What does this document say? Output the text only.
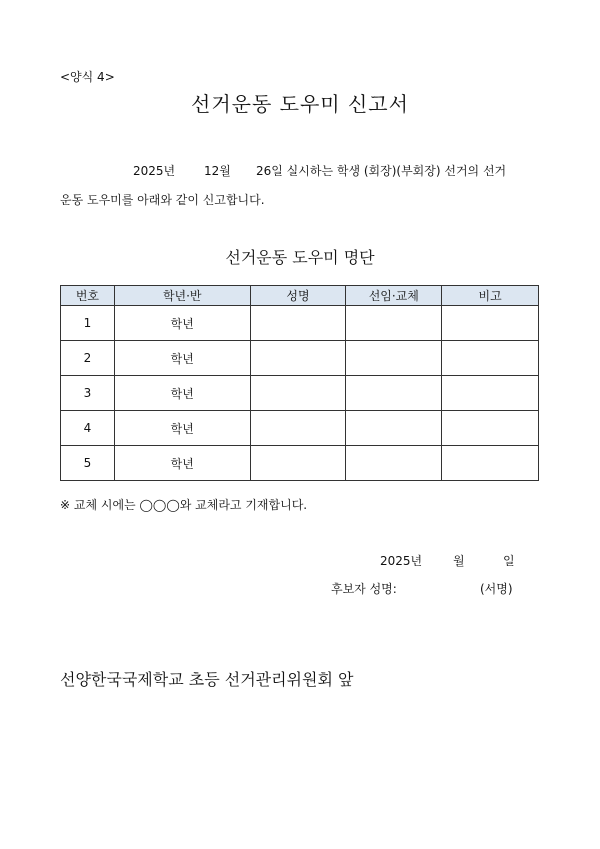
<양식 4>
선거운동 도우미 신고서
2025년 12월 26일 실시하는 학생 (회장)(부회장) 선거의 선거
운동 도우미를 아래와 같이 신고합니다.
선거운동 도우미 명단
번호	학년·반	성명	선임·교체	비고
1	학년			
2	학년			
3	학년			
4	학년			
5	학년			
※ 교체 시에는 ◯◯◯와 교체라고 기재합니다.
2025년	월	일
후보자 성명:	(서명)
선양한국국제학교 초등 선거관리위원회 앞
